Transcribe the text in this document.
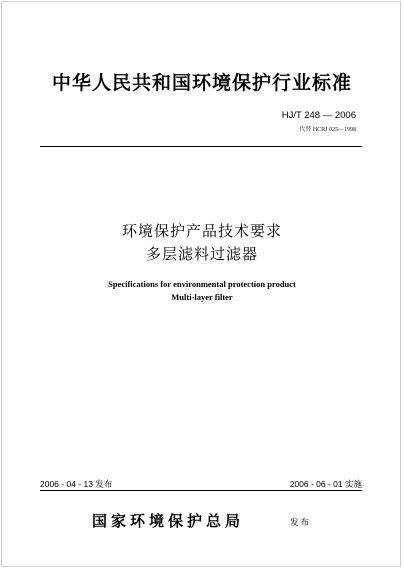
中华人民共和国环境保护行业标准
HJ/T 248 — 2006
代替 HCRJ 025—1998
环境保护产品技术要求
多层滤料过滤器
Specifications for environmental protection product
Multi-layer filter
2006 - 04 - 13 发布	2006 - 06 - 01 实施
国家环境保护总局	发布
